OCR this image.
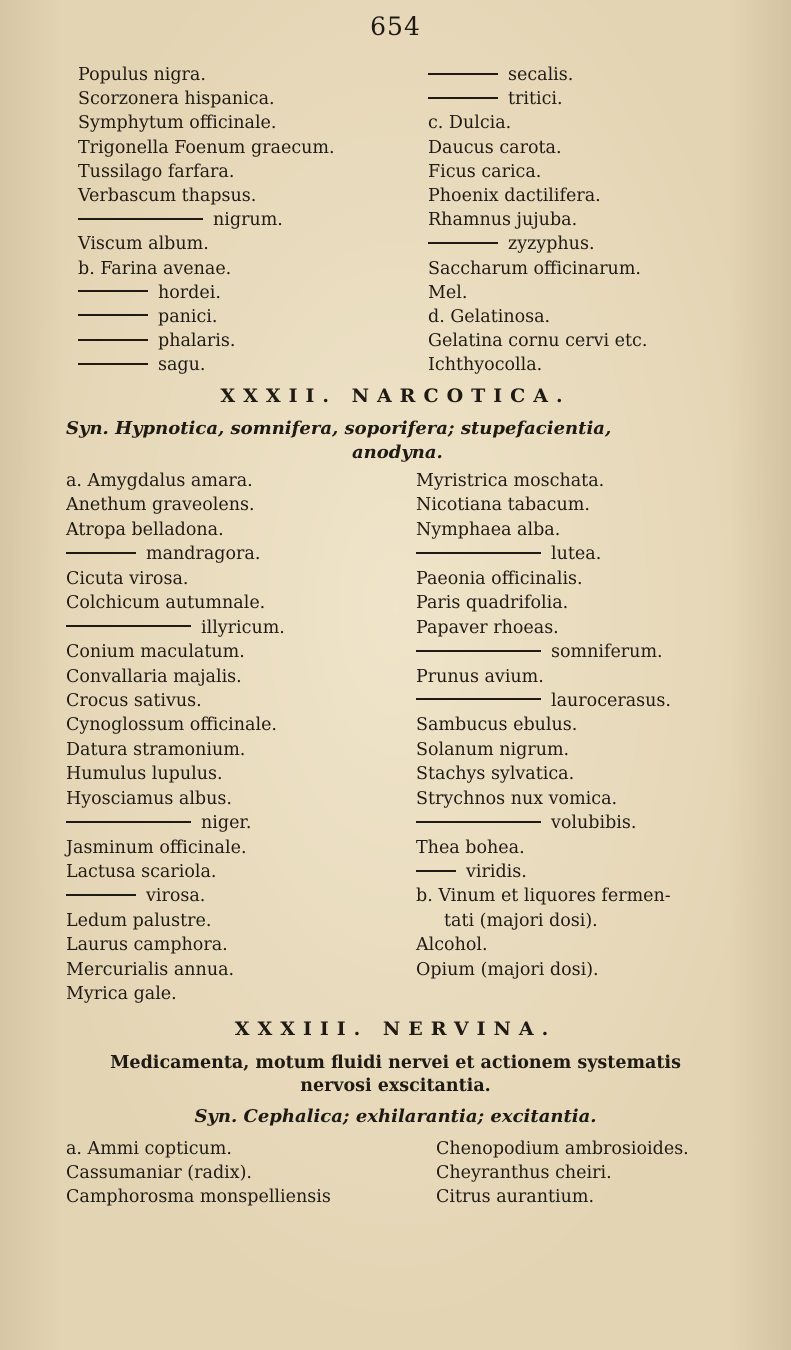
654
Populus nigra.
Scorzonera hispanica.
Symphytum officinale.
Trigonella Foenum graecum.
Tussilago farfara.
Verbascum thapsus.
nigrum.
Viscum album.
b. Farina avenae.
hordei.
panici.
phalaris.
sagu.
secalis.
tritici.
c. Dulcia.
Daucus carota.
Ficus carica.
Phoenix dactilifera.
Rhamnus jujuba.
zyzyphus.
Saccharum officinarum.
Mel.
d. Gelatinosa.
Gelatina cornu cervi etc.
Ichthyocolla.
XXXII. NARCOTICA.
Syn. Hypnotica, somnifera, soporifera; stupefacientia,
anodyna.
a. Amygdalus amara.
Anethum graveolens.
Atropa belladona.
mandragora.
Cicuta virosa.
Colchicum autumnale.
illyricum.
Conium maculatum.
Convallaria majalis.
Crocus sativus.
Cynoglossum officinale.
Datura stramonium.
Humulus lupulus.
Hyosciamus albus.
niger.
Jasminum officinale.
Lactusa scariola.
virosa.
Ledum palustre.
Laurus camphora.
Mercurialis annua.
Myrica gale.
Myristrica moschata.
Nicotiana tabacum.
Nymphaea alba.
lutea.
Paeonia officinalis.
Paris quadrifolia.
Papaver rhoeas.
somniferum.
Prunus avium.
laurocerasus.
Sambucus ebulus.
Solanum nigrum.
Stachys sylvatica.
Strychnos nux vomica.
volubibis.
Thea bohea.
viridis.
b. Vinum et liquores fermen-
tati (majori dosi).
Alcohol.
Opium (majori dosi).
XXXIII. NERVINA.
Medicamenta, motum fluidi nervei et actionem systematis
nervosi exscitantia.
Syn. Cephalica; exhilarantia; excitantia.
a. Ammi copticum.
Cassumaniar (radix).
Camphorosma monspelliensis
Chenopodium ambrosioides.
Cheyranthus cheiri.
Citrus aurantium.
